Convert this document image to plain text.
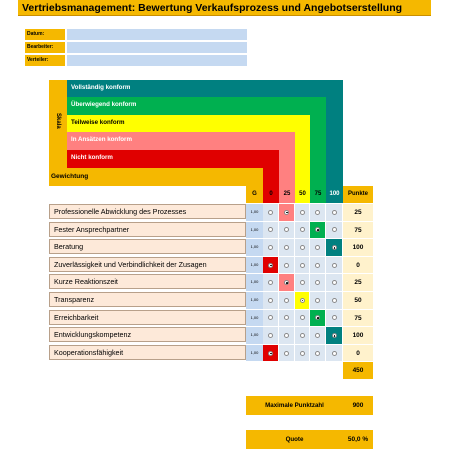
Vertriebsmanagement: Bewertung Verkaufsprozess und Angebotserstellung
Datum:
Bearbeiter:
Verteiler:
Vollständig konform
Überwiegend konform
Teilweise konform
In Ansätzen konform
Nicht konform
Skala
Gewichtung
G	0	25	50	75	100	Punkte
Professionelle Abwicklung des Prozesses	1,00	25
Fester Ansprechpartner	1,00	75
Beratung	1,00	100
Zuverlässigkeit und Verbindlichkeit der Zusagen	1,00	0
Kurze Reaktionszeit	1,00	25
Transparenz	1,00	50
Erreichbarkeit	1,00	75
Entwicklungskompetenz	1,00	100
Kooperationsfähigkeit	1,00	0
450
Maximale Punktzahl	900
Quote	50,0 %
